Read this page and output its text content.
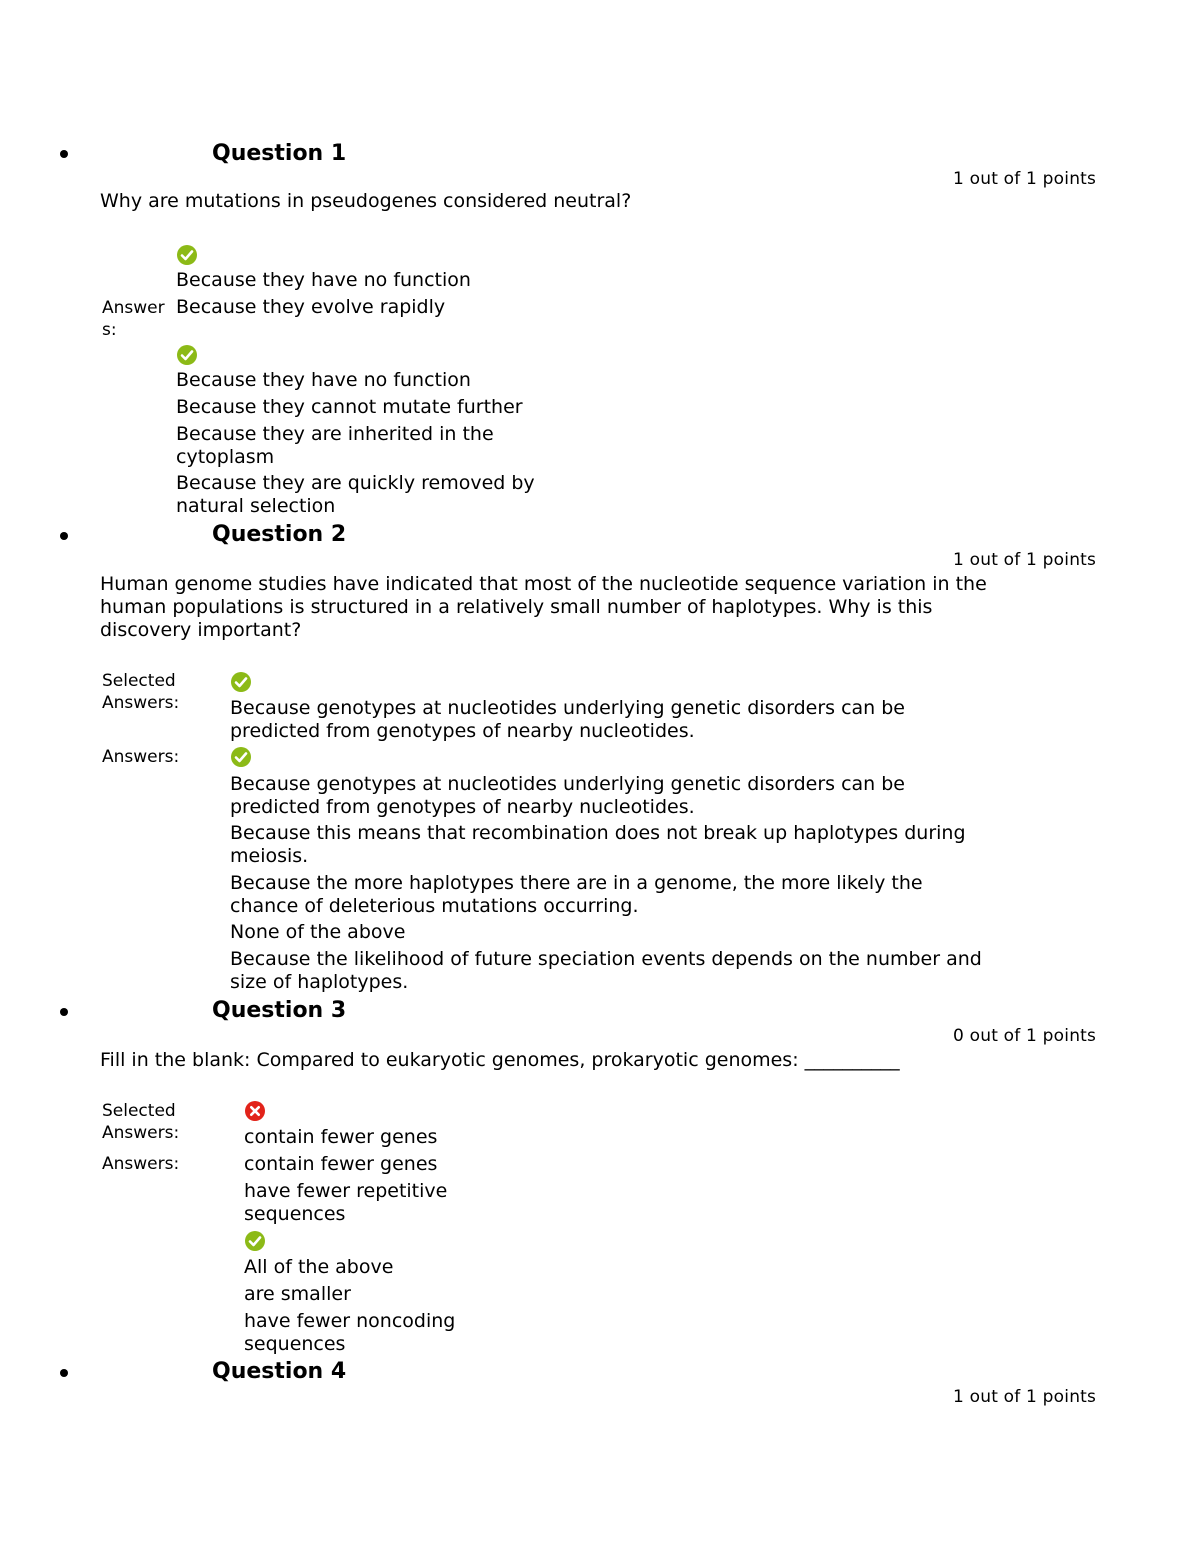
Question 1
1 out of 1 points
Why are mutations in pseudogenes considered neutral?
Answer s:
Because they have no function
Because they evolve rapidly
Because they have no function
Because they cannot mutate further
Because they are inherited in the cytoplasm
Because they are quickly removed by natural selection
Question 2
1 out of 1 points
Human genome studies have indicated that most of the nucleotide sequence variation in the human populations is structured in a relatively small number of haplotypes. Why is this discovery important?
Selected Answers:	Because genotypes at nucleotides underlying genetic disorders can be predicted from genotypes of nearby nucleotides.
Answers:
Because genotypes at nucleotides underlying genetic disorders can be predicted from genotypes of nearby nucleotides.
Because this means that recombination does not break up haplotypes during meiosis.
Because the more haplotypes there are in a genome, the more likely the chance of deleterious mutations occurring.
None of the above
Because the likelihood of future speciation events depends on the number and size of haplotypes.
Question 3
0 out of 1 points
Fill in the blank: Compared to eukaryotic genomes, prokaryotic genomes: __________
Selected Answers:	contain fewer genes
Answers:	contain fewer genes
have fewer repetitive sequences
All of the above
are smaller
have fewer noncoding sequences
Question 4
1 out of 1 points
